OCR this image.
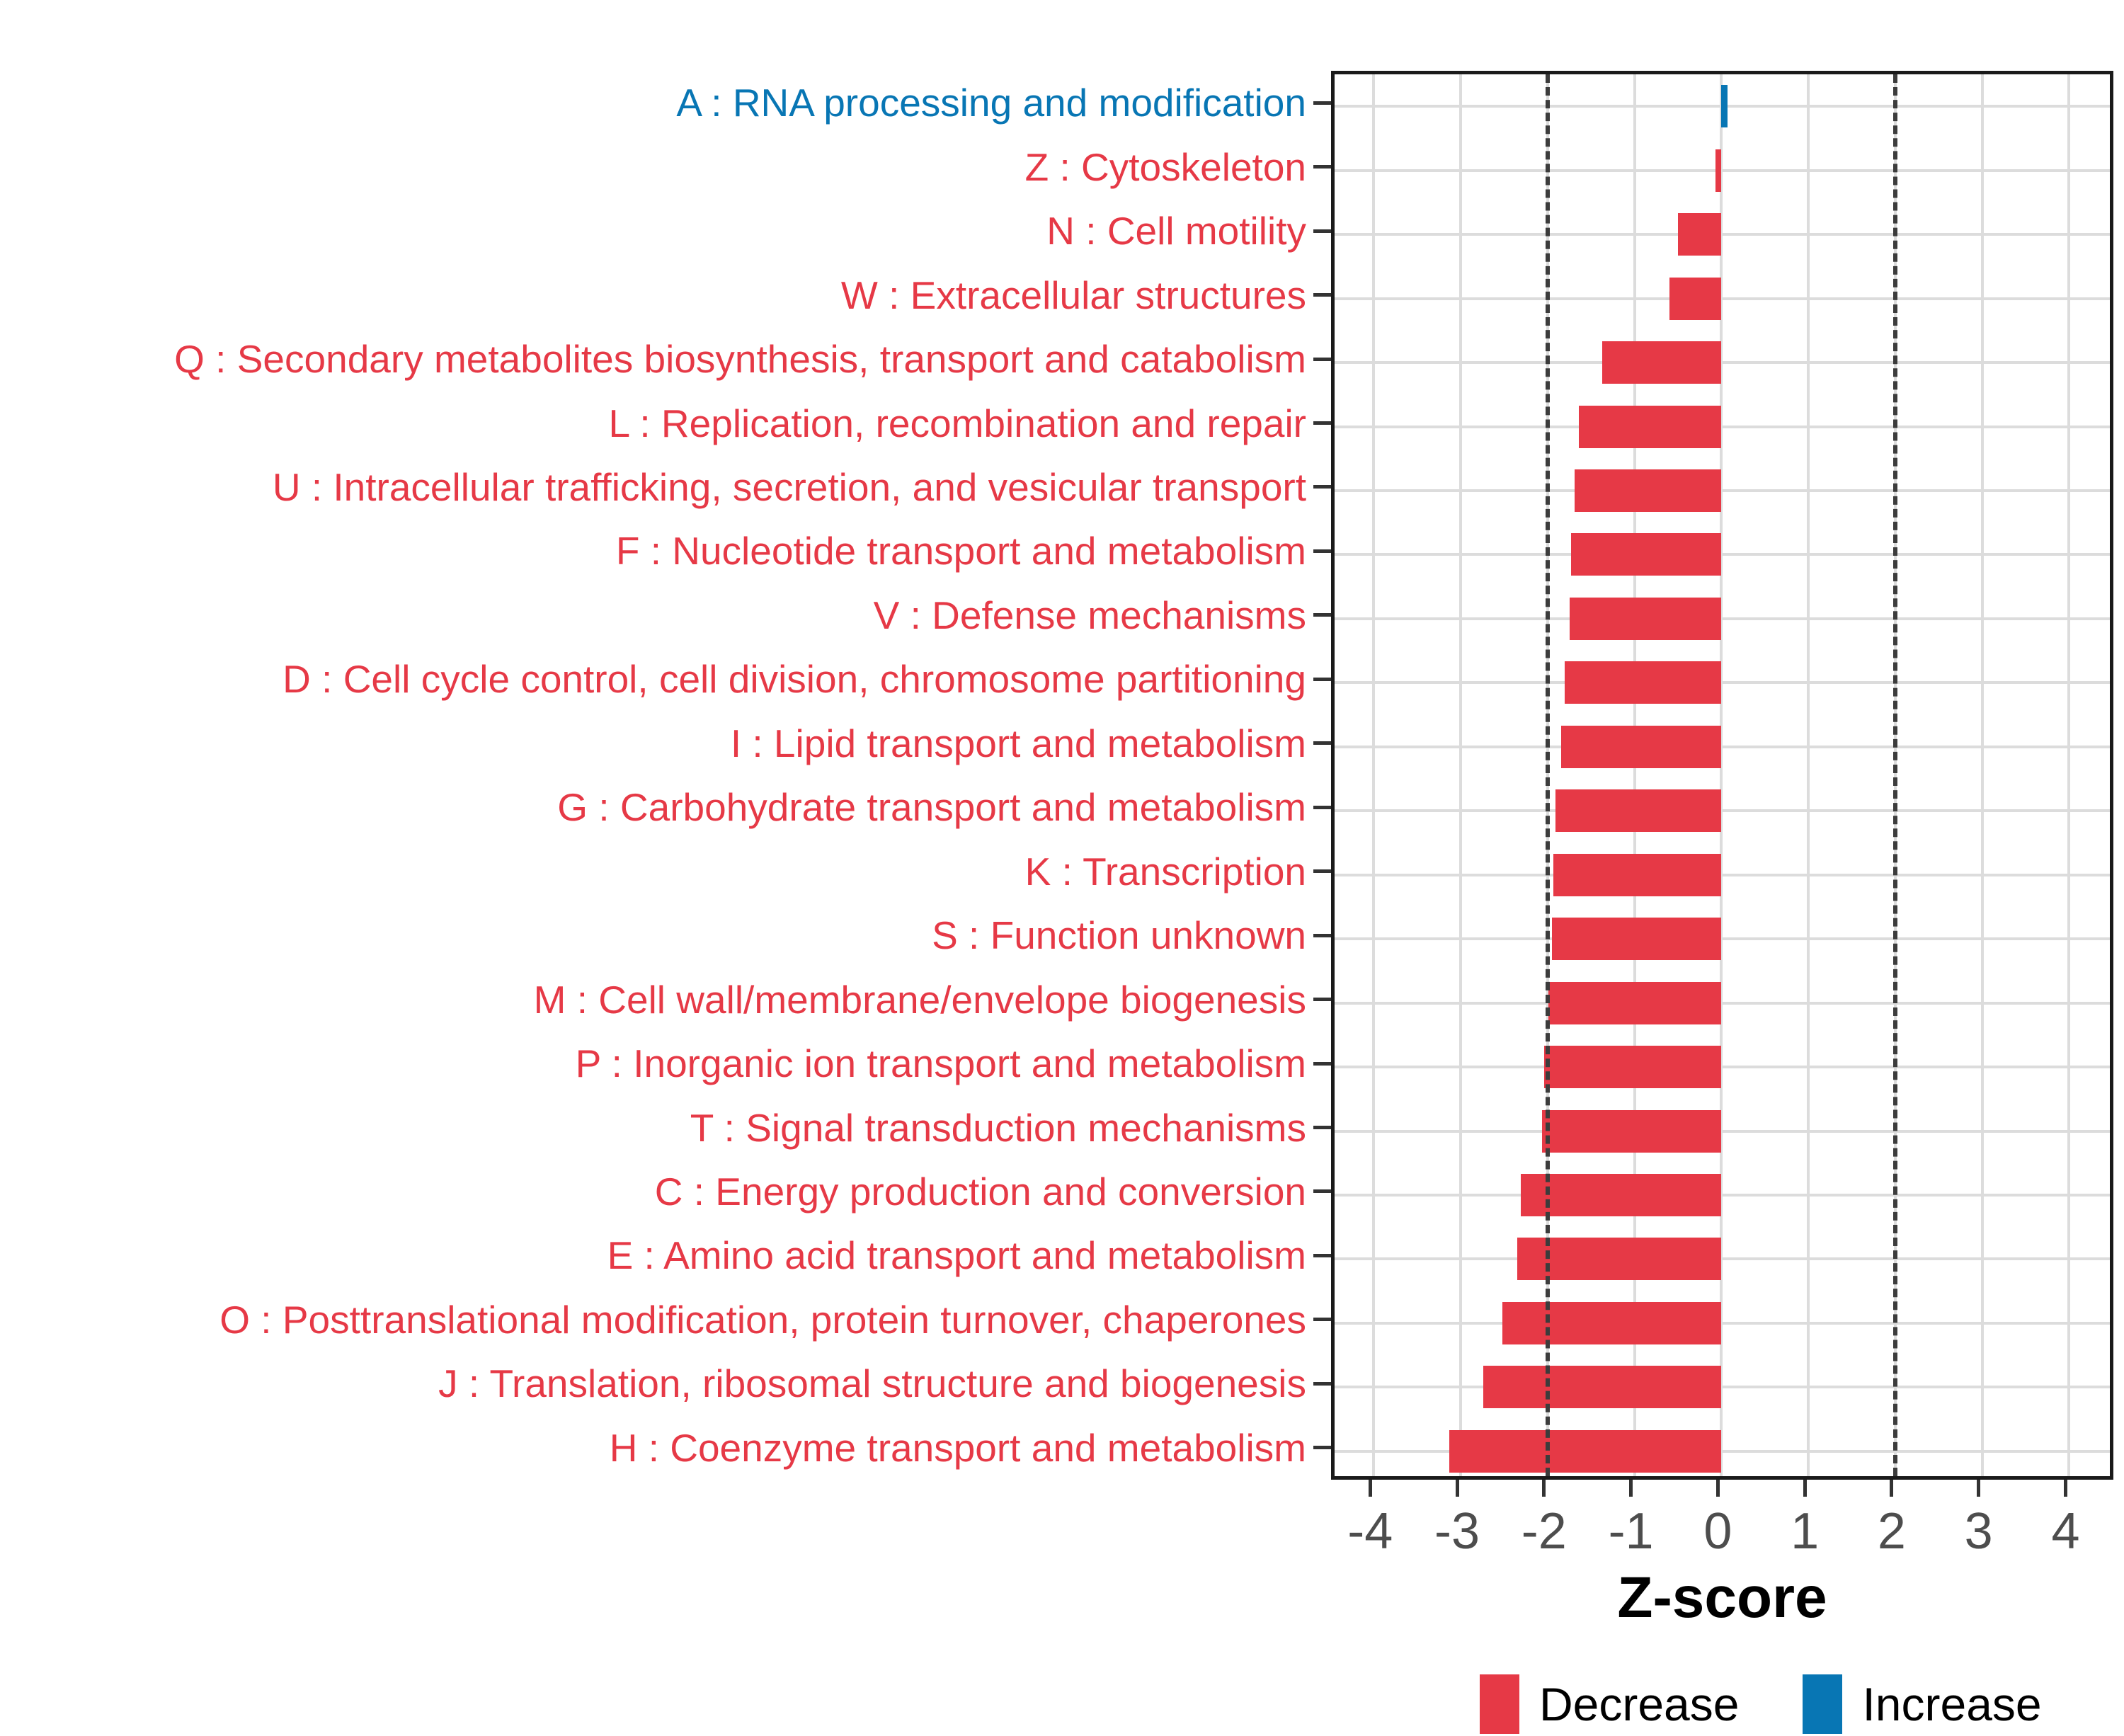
A : RNA processing and modification
Z : Cytoskeleton
N : Cell motility
W : Extracellular structures
Q : Secondary metabolites biosynthesis, transport and catabolism
L : Replication, recombination and repair
U : Intracellular trafficking, secretion, and vesicular transport
F : Nucleotide transport and metabolism
V : Defense mechanisms
D : Cell cycle control, cell division, chromosome partitioning
I : Lipid transport and metabolism
G : Carbohydrate transport and metabolism
K : Transcription
S : Function unknown
M : Cell wall/membrane/envelope biogenesis
P : Inorganic ion transport and metabolism
T : Signal transduction mechanisms
C : Energy production and conversion
E : Amino acid transport and metabolism
O : Posttranslational modification, protein turnover, chaperones
J : Translation, ribosomal structure and biogenesis
H : Coenzyme transport and metabolism
-4 -3 -2 -1 0	1	2	3	4
Z-score
Decrease	Increase
